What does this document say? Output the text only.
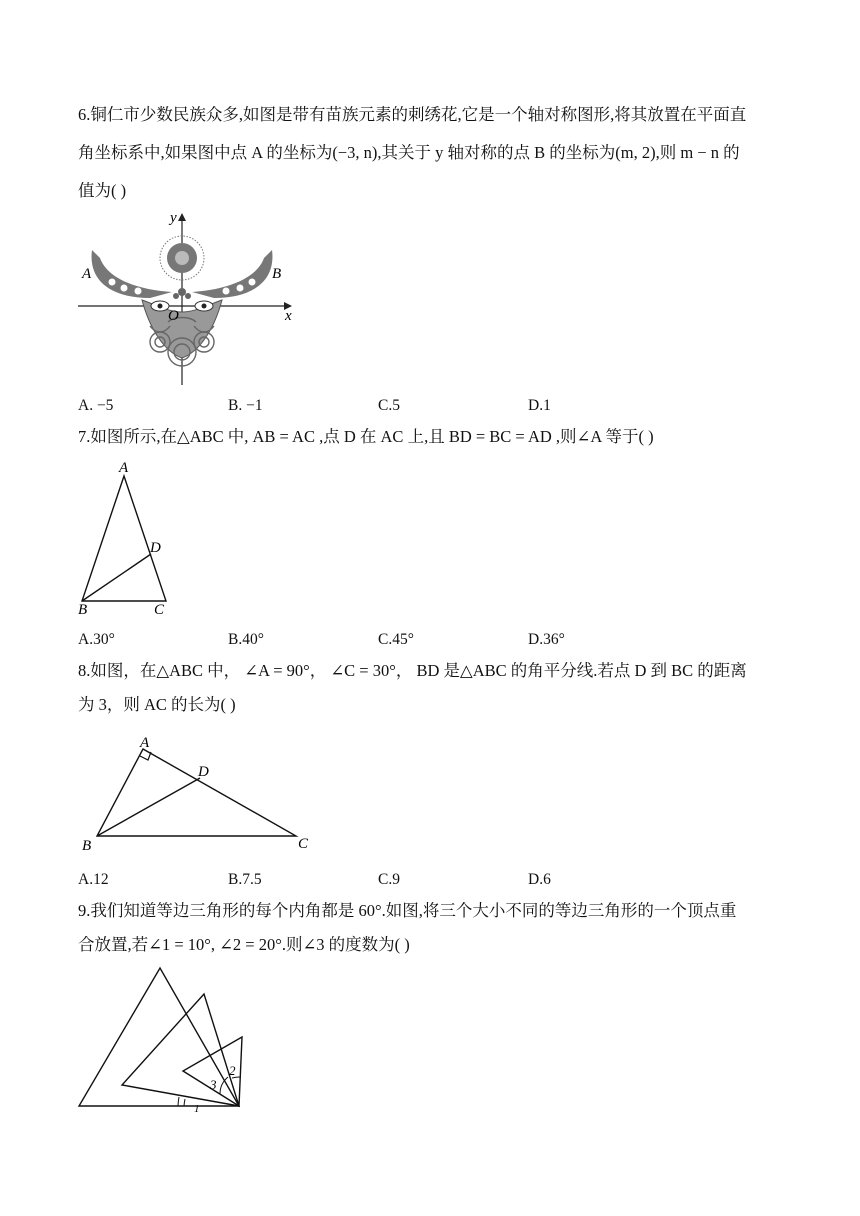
6.铜仁市少数民族众多,如图是带有苗族元素的刺绣花,它是一个轴对称图形,将其放置在平面直
角坐标系中,如果图中点 A 的坐标为(−3, n),其关于 y 轴对称的点 B 的坐标为(m, 2),则 m − n 的
值为( )
y
x
O
A	B
A. −5	B. −1	C.5	D.1
7.如图所示,在△ABC 中, AB = AC ,点 D 在 AC 上,且 BD = BC = AD ,则∠A 等于( )
A
B	C
D
A.30°	B.40°	C.45°	D.36°
8.如图，在△ABC 中， ∠A = 90°， ∠C = 30°， BD 是△ABC 的角平分线.若点 D 到 BC 的距离
为 3，则 AC 的长为( )
A
B	C
D
A.12	B.7.5	C.9	D.6
9.我们知道等边三角形的每个内角都是 60°.如图,将三个大小不同的等边三角形的一个顶点重
合放置,若∠1 = 10°, ∠2 = 20°.则∠3 的度数为( )
1
2
3
